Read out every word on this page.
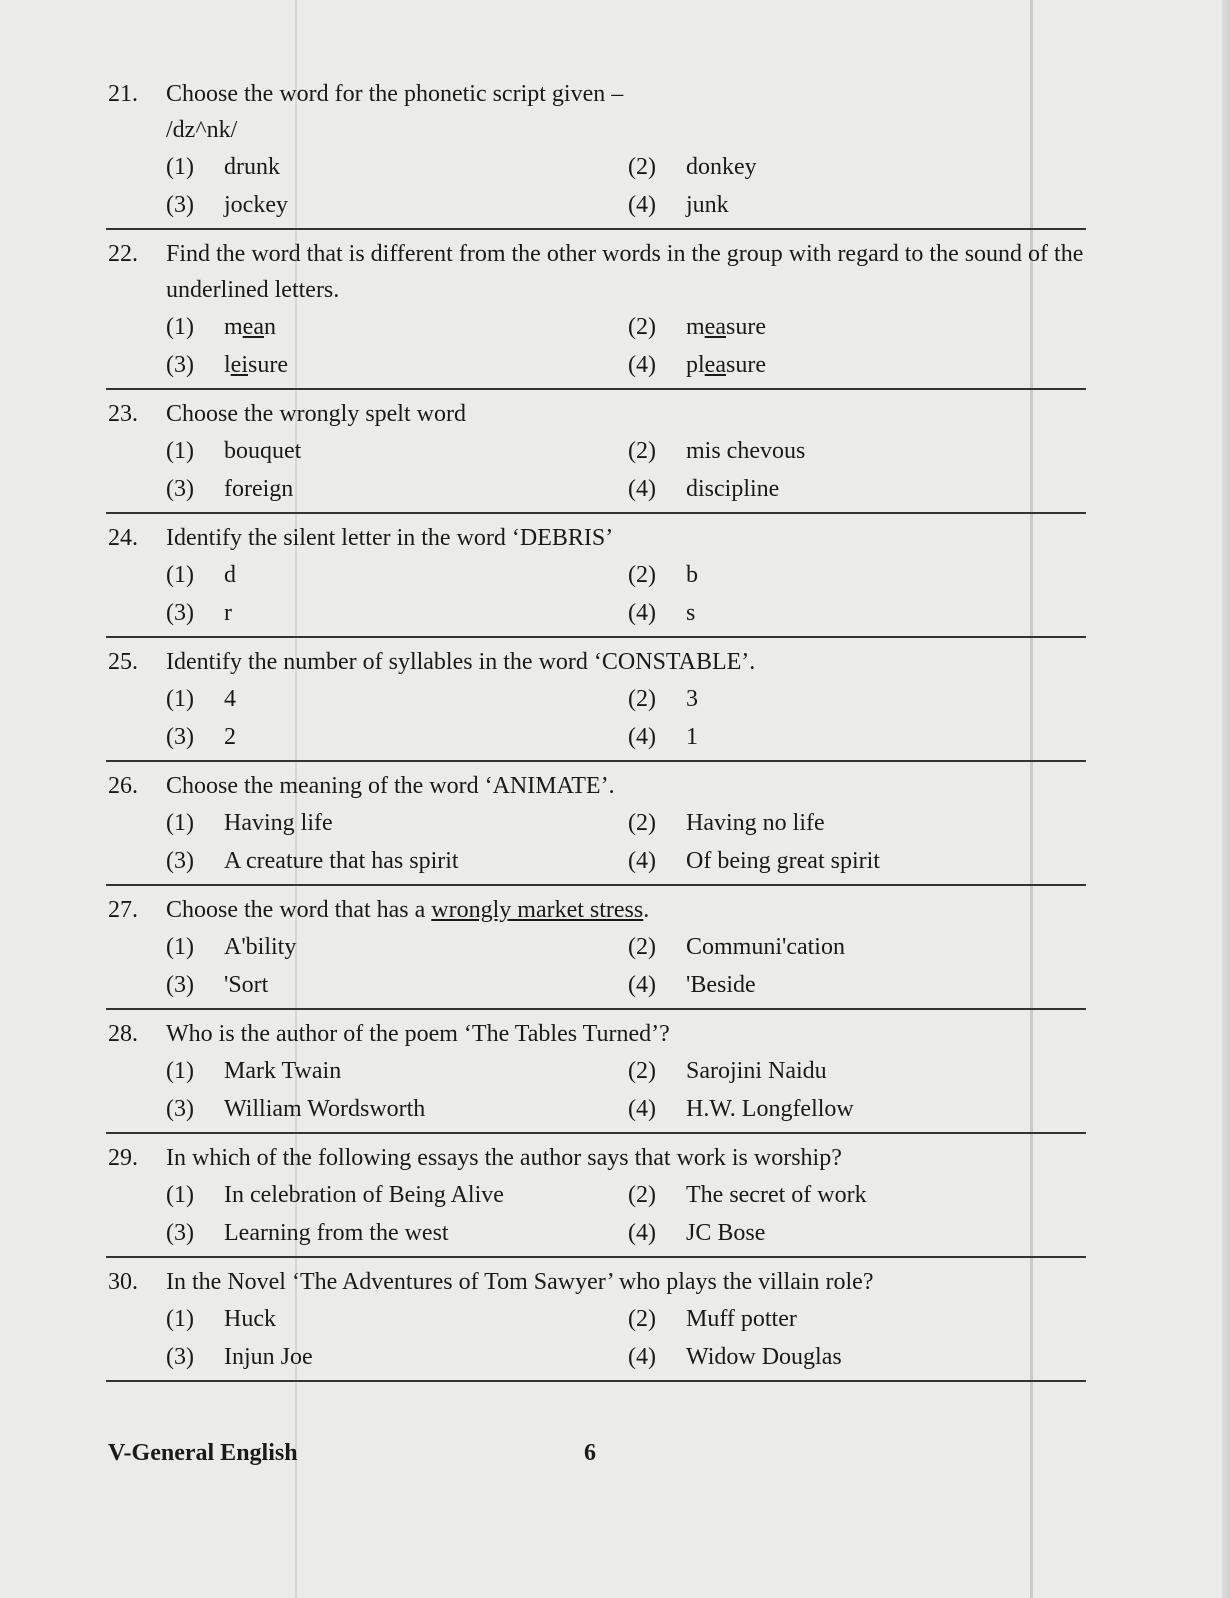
21.	Choose the word for the phonetic script given –
/dz^nk/
(1)	drunk	(2)	donkey
(3)	jockey	(4)	junk
22.	Find the word that is different from the other words in the group with regard to the sound of the underlined letters.
(1)	mean	(2)	measure
(3)	leisure	(4)	pleasure
23.	Choose the wrongly spelt word
(1)	bouquet	(2)	mis chevous
(3)	foreign	(4)	discipline
24.	Identify the silent letter in the word ‘DEBRIS’
(1)	d	(2)	b
(3)	r	(4)	s
25.	Identify the number of syllables in the word ‘CONSTABLE’.
(1)	4	(2)	3
(3)	2	(4)	1
26.	Choose the meaning of the word ‘ANIMATE’.
(1)	Having life	(2)	Having no life
(3)	A creature that has spirit	(4)	Of being great spirit
27.	Choose the word that has a wrongly market stress.
(1)	A'bility	(2)	Communi'cation
(3)	'Sort	(4)	'Beside
28.	Who is the author of the poem ‘The Tables Turned’?
(1)	Mark Twain	(2)	Sarojini Naidu
(3)	William Wordsworth	(4)	H.W. Longfellow
29.	In which of the following essays the author says that work is worship?
(1)	In celebration of Being Alive	(2)	The secret of work
(3)	Learning from the west	(4)	JC Bose
30.	In the Novel ‘The Adventures of Tom Sawyer’ who plays the villain role?
(1)	Huck	(2)	Muff potter
(3)	Injun Joe	(4)	Widow Douglas
V-General English	6
